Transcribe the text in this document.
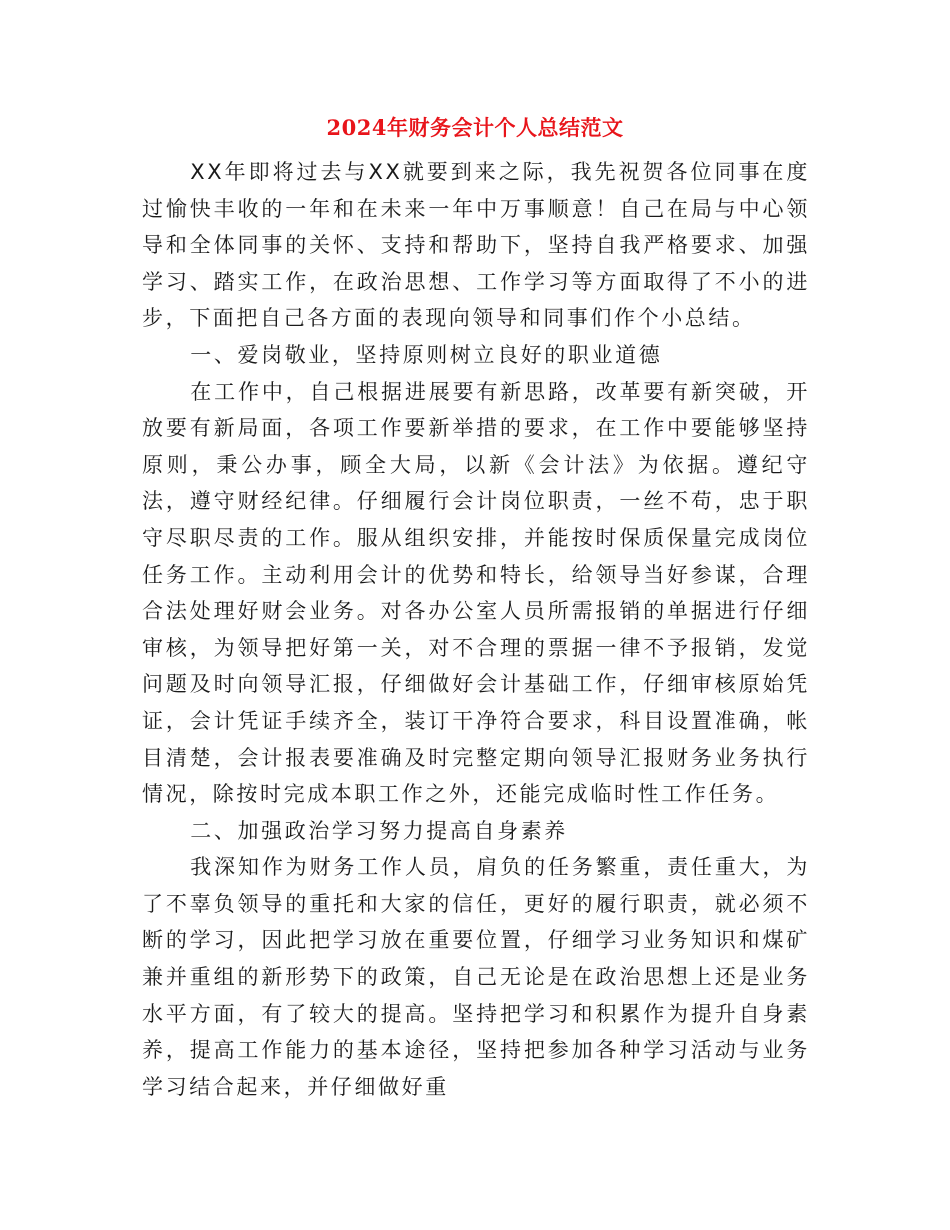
2024年财务会计个人总结范文

XX年即将过去与XX就要到来之际，我先祝贺各位同事在度过愉快丰收的一年和在未来一年中万事顺意！自己在局与中心领导和全体同事的关怀、支持和帮助下，坚持自我严格要求、加强学习、踏实工作，在政治思想、工作学习等方面取得了不小的进步，下面把自己各方面的表现向领导和同事们作个小总结。

一、爱岗敬业，坚持原则树立良好的职业道德

在工作中，自己根据进展要有新思路，改革要有新突破，开放要有新局面，各项工作要新举措的要求，在工作中要能够坚持原则，秉公办事，顾全大局，以新《会计法》为依据。遵纪守法，遵守财经纪律。仔细履行会计岗位职责，一丝不苟，忠于职守尽职尽责的工作。服从组织安排，并能按时保质保量完成岗位任务工作。主动利用会计的优势和特长，给领导当好参谋，合理合法处理好财会业务。对各办公室人员所需报销的单据进行仔细审核，为领导把好第一关，对不合理的票据一律不予报销，发觉问题及时向领导汇报，仔细做好会计基础工作，仔细审核原始凭证，会计凭证手续齐全，装订干净符合要求，科目设置准确，帐目清楚，会计报表要准确及时完整定期向领导汇报财务业务执行情况，除按时完成本职工作之外，还能完成临时性工作任务。

二、加强政治学习努力提高自身素养

我深知作为财务工作人员，肩负的任务繁重，责任重大，为了不辜负领导的重托和大家的信任，更好的履行职责，就必须不断的学习，因此把学习放在重要位置，仔细学习业务知识和煤矿兼并重组的新形势下的政策，自己无论是在政治思想上还是业务水平方面，有了较大的提高。坚持把学习和积累作为提升自身素养，提高工作能力的基本途径，坚持把参加各种学习活动与业务学习结合起来，并仔细做好重
